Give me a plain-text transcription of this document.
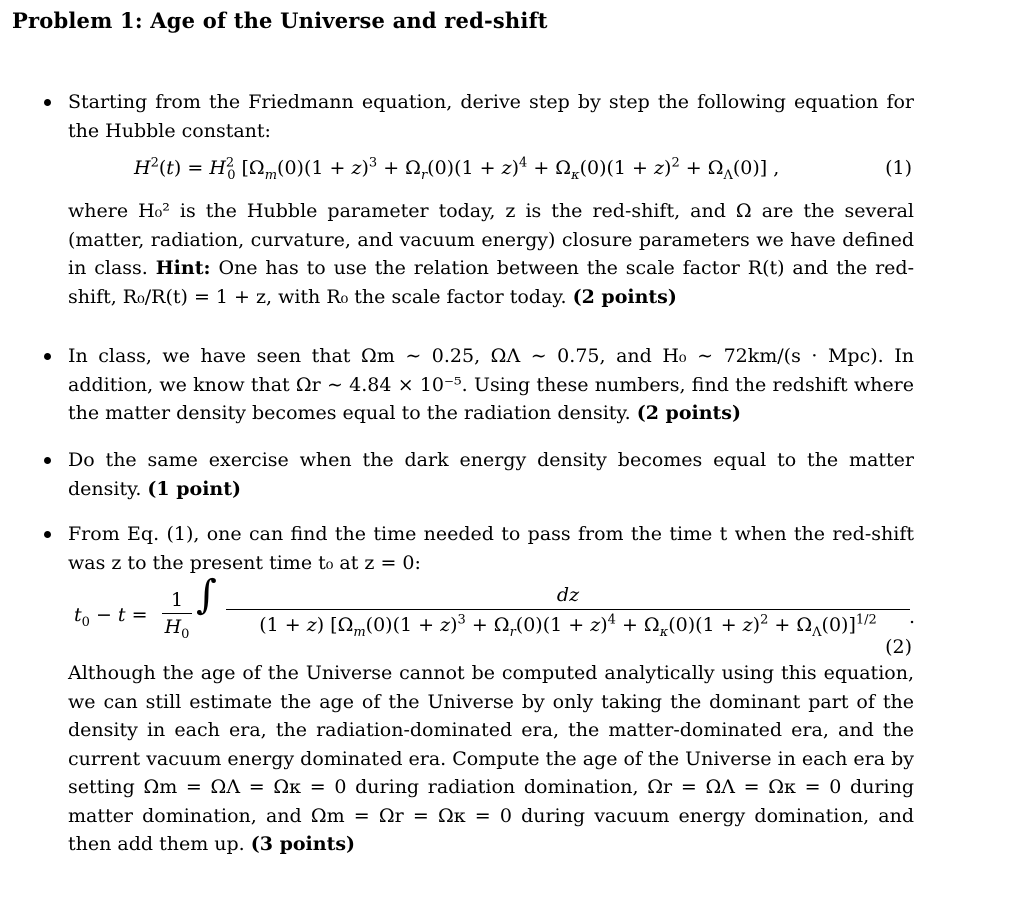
Problem 1: Age of the Universe and red-shift
Starting from the Friedmann equation, derive step by step the following equation for the Hubble constant:
$H^2(t) = H^2_0$ $[\Omega_m(0)(1 + z)^3 + \Omega_r(0)(1 + z)^4 + \Omega_\kappa(0)(1 + z)^2 + \Omega_\Lambda(0)]$ ,	(1)
where H₀² is the Hubble parameter today, z is the red-shift, and Ω are the several (matter, radiation, curvature, and vacuum energy) closure parameters we have defined in class. Hint: One has to use the relation between the scale factor R(t) and the red-shift, R₀/R(t) = 1 + z, with R₀ the scale factor today. (2 points)
In class, we have seen that Ωm ∼ 0.25, ΩΛ ∼ 0.75, and H₀ ∼ 72km/(s · Mpc). In addition, we know that Ωr ∼ 4.84 × 10⁻⁵. Using these numbers, find the redshift where the matter density becomes equal to the radiation density. (2 points)
Do the same exercise when the dark energy density becomes equal to the matter density. (1 point)
From Eq. (1), one can find the time needed to pass from the time t when the red-shift was z to the present time t₀ at z = 0:
$t_0 - t = \frac{1}{H_0}$ ∫	dz
(1 + z) $[\Omega_m(0)(1 + z)^3 + \Omega_r(0)(1 + z)^4 + \Omega_\kappa(0)(1 + z)^2 + \Omega_\Lambda(0)]^{1/2}$	.
(2)
Although the age of the Universe cannot be computed analytically using this equation, we can still estimate the age of the Universe by only taking the dominant part of the density in each era, the radiation-dominated era, the matter-dominated era, and the current vacuum energy dominated era. Compute the age of the Universe in each era by setting Ωm = ΩΛ = Ωκ = 0 during radiation domination, Ωr = ΩΛ = Ωκ = 0 during matter domination, and Ωm = Ωr = Ωκ = 0 during vacuum energy domination, and then add them up. (3 points)
